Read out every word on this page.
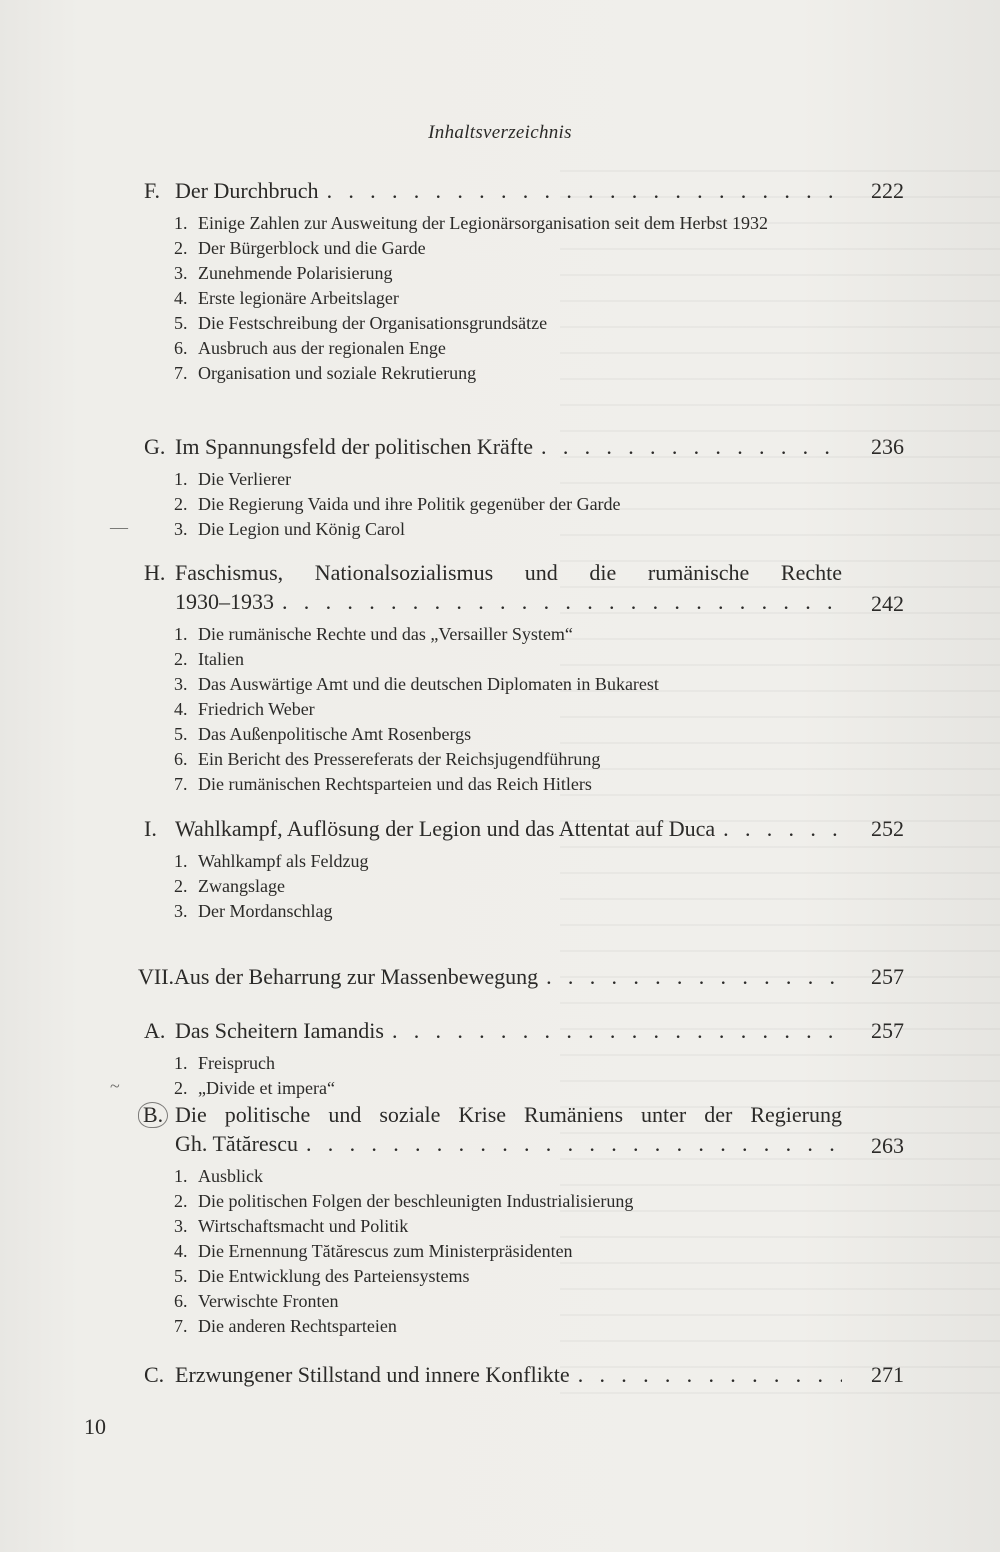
Inhaltsverzeichnis
F. Der Durchbruch . . .	222
1. Einige Zahlen zur Ausweitung der Legionärsorganisation seit dem Herbst 1932
2. Der Bürgerblock und die Garde
3. Zunehmende Polarisierung
4. Erste legionäre Arbeitslager
5. Die Festschreibung der Organisationsgrundsätze
6. Ausbruch aus der regionalen Enge
7. Organisation und soziale Rekrutierung
G. Im Spannungsfeld der politischen Kräfte . . .	236
1. Die Verlierer
2. Die Regierung Vaida und ihre Politik gegenüber der Garde
3. Die Legion und König Carol
—
H. Faschismus, Nationalsozialismus und die rumänische Rechte
1930–1933 . . .	242
1. Die rumänische Rechte und das „Versailler System“
2. Italien
3. Das Auswärtige Amt und die deutschen Diplomaten in Bukarest
4. Friedrich Weber
5. Das Außenpolitische Amt Rosenbergs
6. Ein Bericht des Pressereferats der Reichsjugendführung
7. Die rumänischen Rechtsparteien und das Reich Hitlers
I. Wahlkampf, Auflösung der Legion und das Attentat auf Duca . . .	252
1. Wahlkampf als Feldzug
2. Zwangslage
3. Der Mordanschlag
VII. Aus der Beharrung zur Massenbewegung . . .	257
A. Das Scheitern Iamandis . . .	257
1. Freispruch
2. „Divide et impera“
~
B. Die politische und soziale Krise Rumäniens unter der Regierung
Gh. Tătărescu . . .	263
1. Ausblick
2. Die politischen Folgen der beschleunigten Industrialisierung
3. Wirtschaftsmacht und Politik
4. Die Ernennung Tătărescus zum Ministerpräsidenten
5. Die Entwicklung des Parteiensystems
6. Verwischte Fronten
7. Die anderen Rechtsparteien
C. Erzwungener Stillstand und innere Konflikte . . .	271
10
